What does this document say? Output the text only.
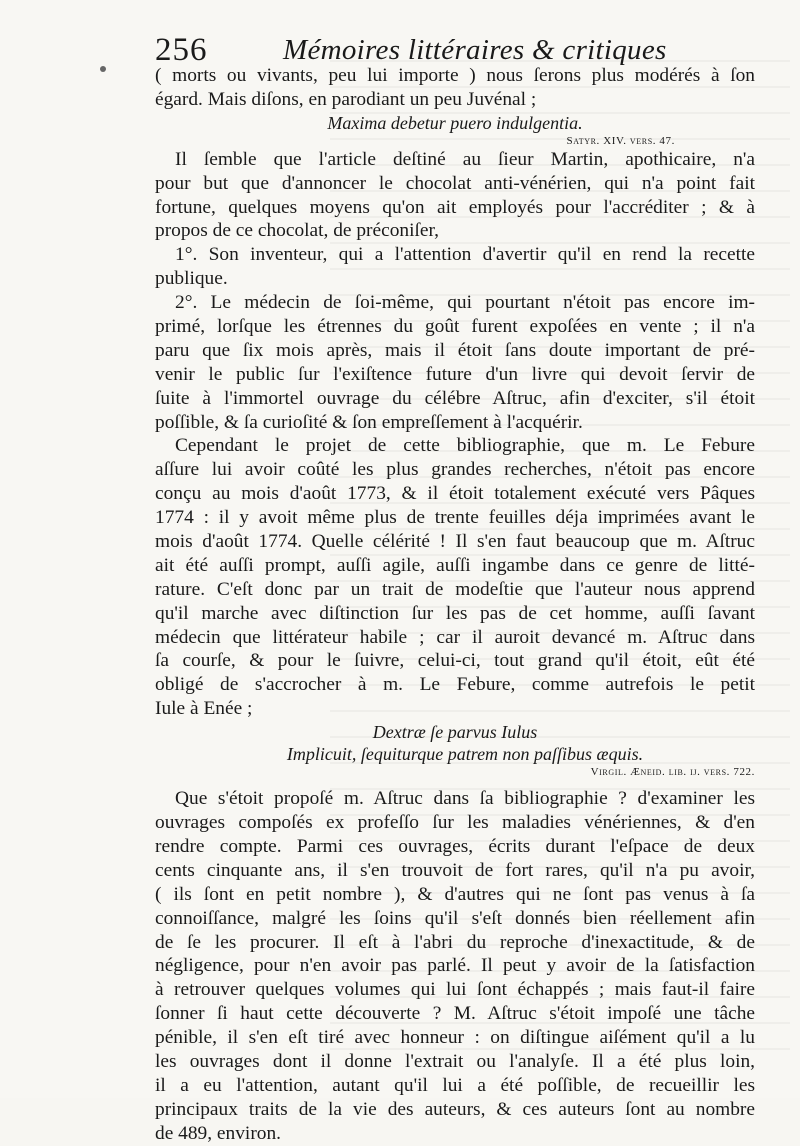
256	Mémoires littéraires & critiques
( morts ou vivants, peu lui importe ) nous ſerons plus modérés à ſon
égard. Mais diſons, en parodiant un peu Juvénal ;
Maxima debetur puero indulgentia.
Satyr. XIV. verſ. 47.
Il ſemble que l'article deſtiné au ſieur Martin, apothicaire, n'a
pour but que d'annoncer le chocolat anti-vénérien, qui n'a point fait
fortune, quelques moyens qu'on ait employés pour l'accréditer ; & à
propos de ce chocolat, de préconiſer,
1°. Son inventeur, qui a l'attention d'avertir qu'il en rend la recette
publique.
2°. Le médecin de ſoi-même, qui pourtant n'étoit pas encore im-
primé, lorſque les étrennes du goût furent expoſées en vente ; il n'a
paru que ſix mois après, mais il étoit ſans doute important de pré-
venir le public ſur l'exiſtence future d'un livre qui devoit ſervir de
ſuite à l'immortel ouvrage du célébre Aſtruc, afin d'exciter, s'il étoit
poſſible, & ſa curioſité & ſon empreſſement à l'acquérir.
Cependant le projet de cette bibliographie, que m. Le Febure
aſſure lui avoir coûté les plus grandes recherches, n'étoit pas encore
conçu au mois d'août 1773, & il étoit totalement exécuté vers Pâques
1774 : il y avoit même plus de trente feuilles déja imprimées avant le
mois d'août 1774. Quelle célérité ! Il s'en faut beaucoup que m. Aſtruc
ait été auſſi prompt, auſſi agile, auſſi ingambe dans ce genre de litté-
rature. C'eſt donc par un trait de modeſtie que l'auteur nous apprend
qu'il marche avec diſtinction ſur les pas de cet homme, auſſi ſavant
médecin que littérateur habile ; car il auroit devancé m. Aſtruc dans
ſa courſe, & pour le ſuivre, celui-ci, tout grand qu'il étoit, eût été
obligé de s'accrocher à m. Le Febure, comme autrefois le petit
Iule à Enée ;
Dextræ ſe parvus Iulus
Implicuit, ſequiturque patrem non paſſibus æquis.
Virgil. Æneid. lib. ij. verſ. 722.
Que s'étoit propoſé m. Aſtruc dans ſa bibliographie ? d'examiner les
ouvrages compoſés ex profeſſo ſur les maladies vénériennes, & d'en
rendre compte. Parmi ces ouvrages, écrits durant l'eſpace de deux
cents cinquante ans, il s'en trouvoit de fort rares, qu'il n'a pu avoir,
( ils ſont en petit nombre ), & d'autres qui ne ſont pas venus à ſa
connoiſſance, malgré les ſoins qu'il s'eſt donnés bien réellement afin
de ſe les procurer. Il eſt à l'abri du reproche d'inexactitude, & de
négligence, pour n'en avoir pas parlé. Il peut y avoir de la ſatisfaction
à retrouver quelques volumes qui lui ſont échappés ; mais faut-il faire
ſonner ſi haut cette découverte ? M. Aſtruc s'étoit impoſé une tâche
pénible, il s'en eſt tiré avec honneur : on diſtingue aiſément qu'il a lu
les ouvrages dont il donne l'extrait ou l'analyſe. Il a été plus loin,
il a eu l'attention, autant qu'il lui a été poſſible, de recueillir les
principaux traits de la vie des auteurs, & ces auteurs ſont au nombre
de 489, environ.
